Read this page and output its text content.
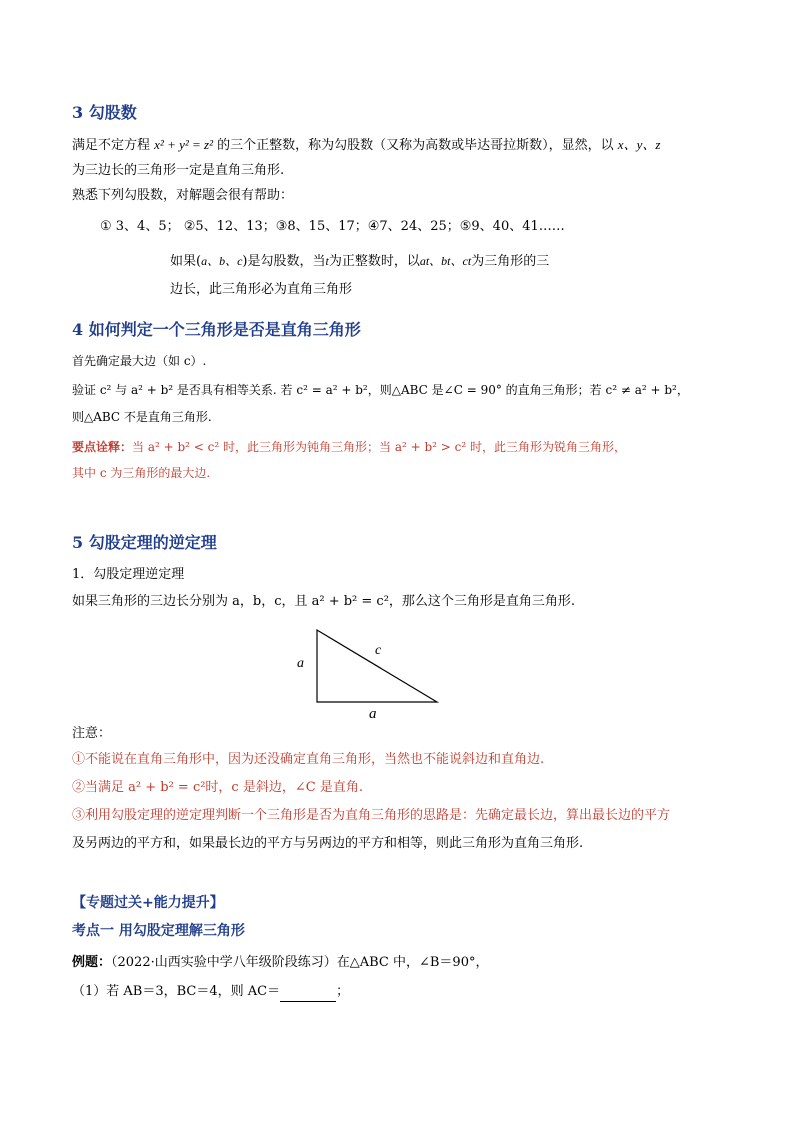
3 勾股数
满足不定方程 x² + y² = z² 的三个正整数，称为勾股数（又称为高数或毕达哥拉斯数），显然，以 x、y、z
为三边长的三角形一定是直角三角形.
熟悉下列勾股数，对解题会很有帮助：
① 3、4、5； ②5、12、13；③8、15、17；④7、24、25；⑤9、40、41……
如果(a、b、c)是勾股数，当t为正整数时，以at、bt、ct为三角形的三
边长，此三角形必为直角三角形
4 如何判定一个三角形是否是直角三角形
首先确定最大边（如 c）.
验证 c² 与 a² + b² 是否具有相等关系. 若 c² = a² + b²，则△ABC 是∠C = 90° 的直角三角形；若 c² ≠ a² + b²，
则△ABC 不是直角三角形.
要点诠释：当 a² + b² < c² 时，此三角形为钝角三角形；当 a² + b² > c² 时，此三角形为锐角三角形，
其中 c 为三角形的最大边.
5 勾股定理的逆定理
1．勾股定理逆定理
如果三角形的三边长分别为 a，b，c，且 a² + b² = c²，那么这个三角形是直角三角形.
a
c
a
注意：
①不能说在直角三角形中，因为还没确定直角三角形，当然也不能说斜边和直角边.
②当满足 a² + b² = c²时，c 是斜边，∠C 是直角.
③利用勾股定理的逆定理判断一个三角形是否为直角三角形的思路是：先确定最长边，算出最长边的平方
及另两边的平方和，如果最长边的平方与另两边的平方和相等，则此三角形为直角三角形.
【专题过关+能力提升】
考点一 用勾股定理解三角形
例题：（2022·山西实验中学八年级阶段练习）在△ABC 中，∠B＝90°，
（1）若 AB＝3，BC＝4，则 AC＝	；
